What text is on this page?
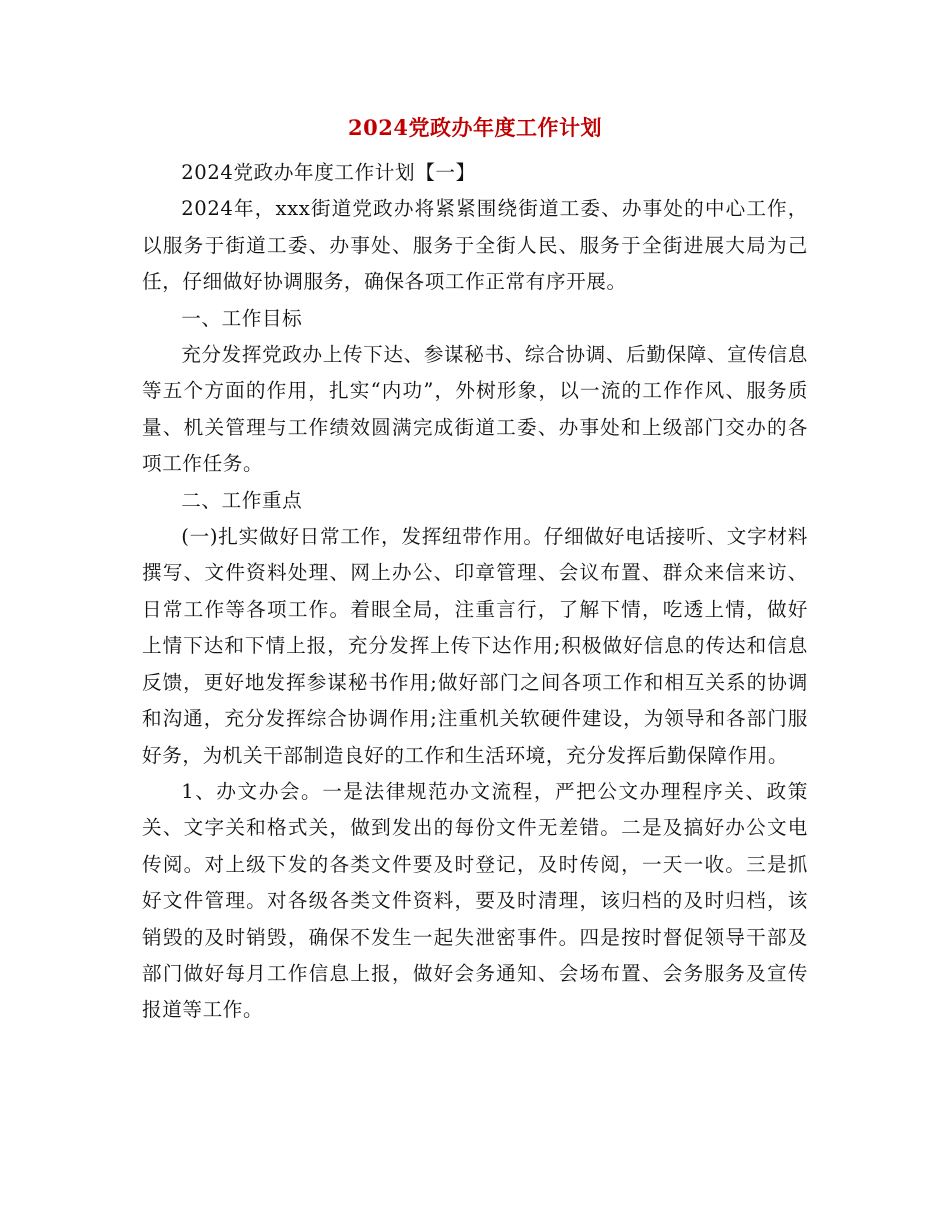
2024党政办年度工作计划

2024党政办年度工作计划【一】

2024年，xxx街道党政办将紧紧围绕街道工委、办事处的中心工作，以服务于街道工委、办事处、服务于全街人民、服务于全街进展大局为己任，仔细做好协调服务，确保各项工作正常有序开展。

一、工作目标

充分发挥党政办上传下达、参谋秘书、综合协调、后勤保障、宣传信息等五个方面的作用，扎实“内功”，外树形象，以一流的工作作风、服务质量、机关管理与工作绩效圆满完成街道工委、办事处和上级部门交办的各项工作任务。

二、工作重点

(一)扎实做好日常工作，发挥纽带作用。仔细做好电话接听、文字材料撰写、文件资料处理、网上办公、印章管理、会议布置、群众来信来访、日常工作等各项工作。着眼全局，注重言行，了解下情，吃透上情，做好上情下达和下情上报，充分发挥上传下达作用;积极做好信息的传达和信息反馈，更好地发挥参谋秘书作用;做好部门之间各项工作和相互关系的协调和沟通，充分发挥综合协调作用;注重机关软硬件建设，为领导和各部门服好务，为机关干部制造良好的工作和生活环境，充分发挥后勤保障作用。

1、办文办会。一是法律规范办文流程，严把公文办理程序关、政策关、文字关和格式关，做到发出的每份文件无差错。二是及搞好办公文电传阅。对上级下发的各类文件要及时登记，及时传阅，一天一收。三是抓好文件管理。对各级各类文件资料，要及时清理，该归档的及时归档，该销毁的及时销毁，确保不发生一起失泄密事件。四是按时督促领导干部及部门做好每月工作信息上报，做好会务通知、会场布置、会务服务及宣传报道等工作。
